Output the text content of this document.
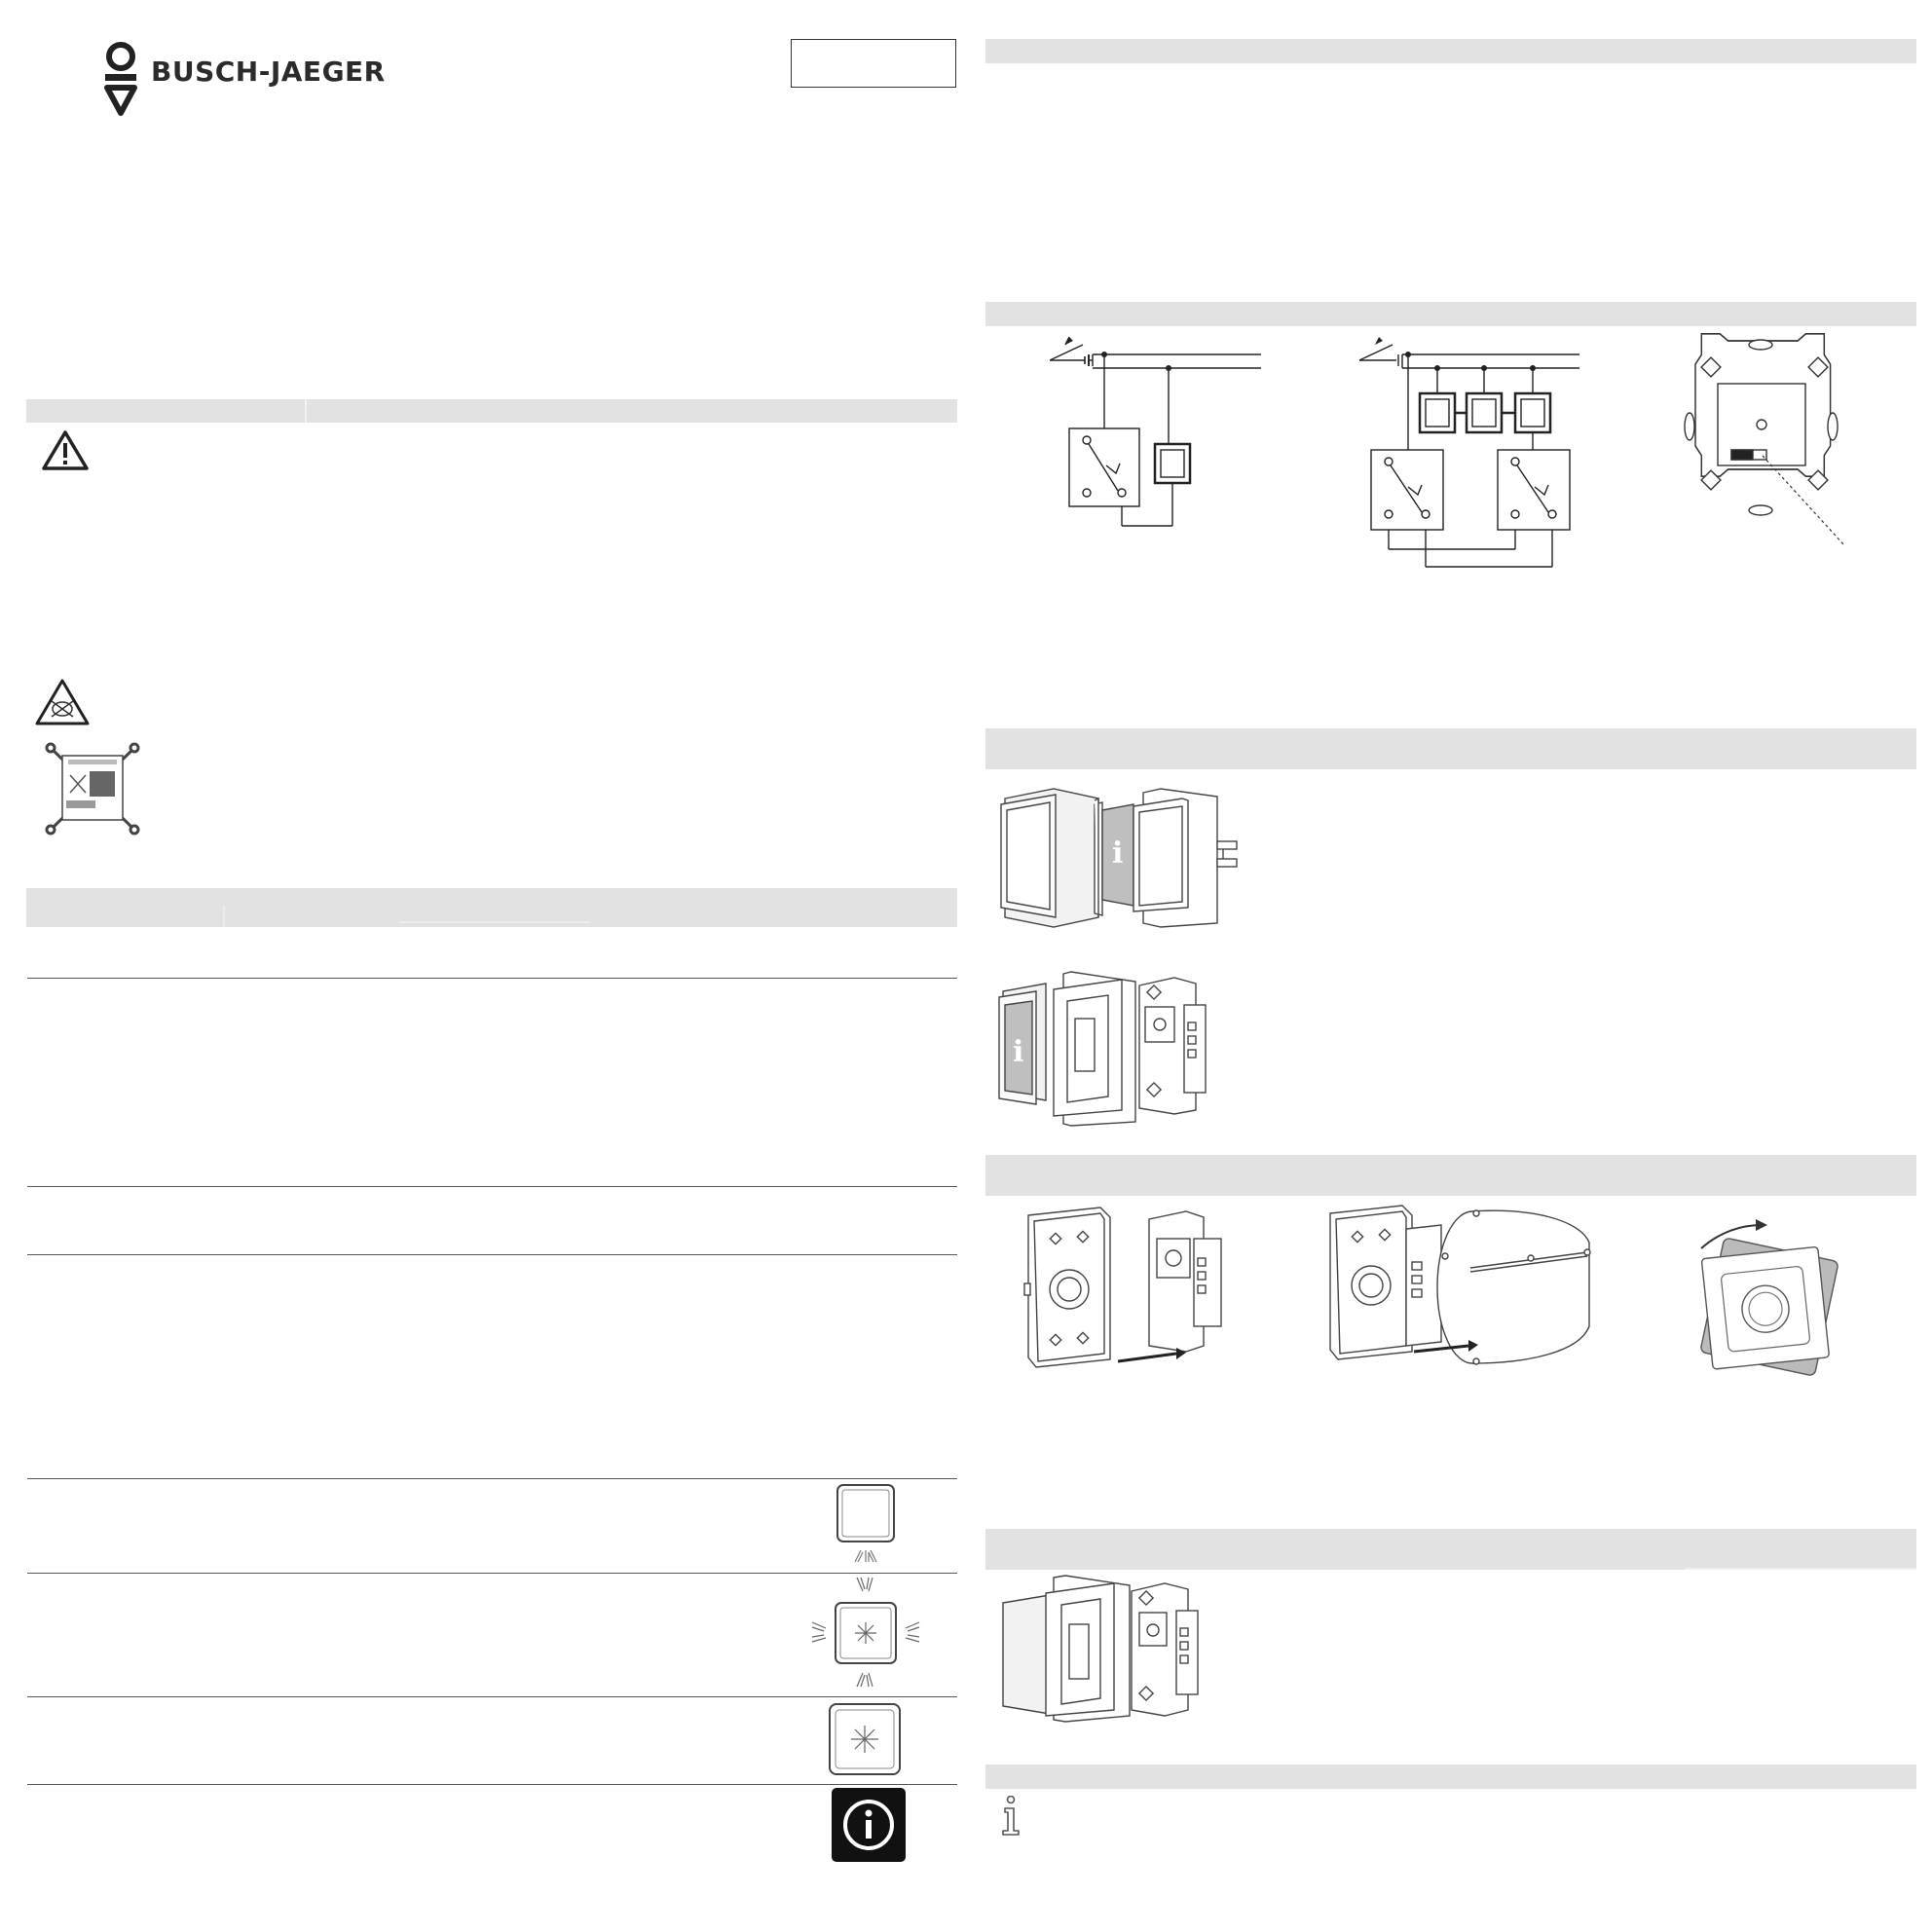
BUSCH-JAEGER
i
i
